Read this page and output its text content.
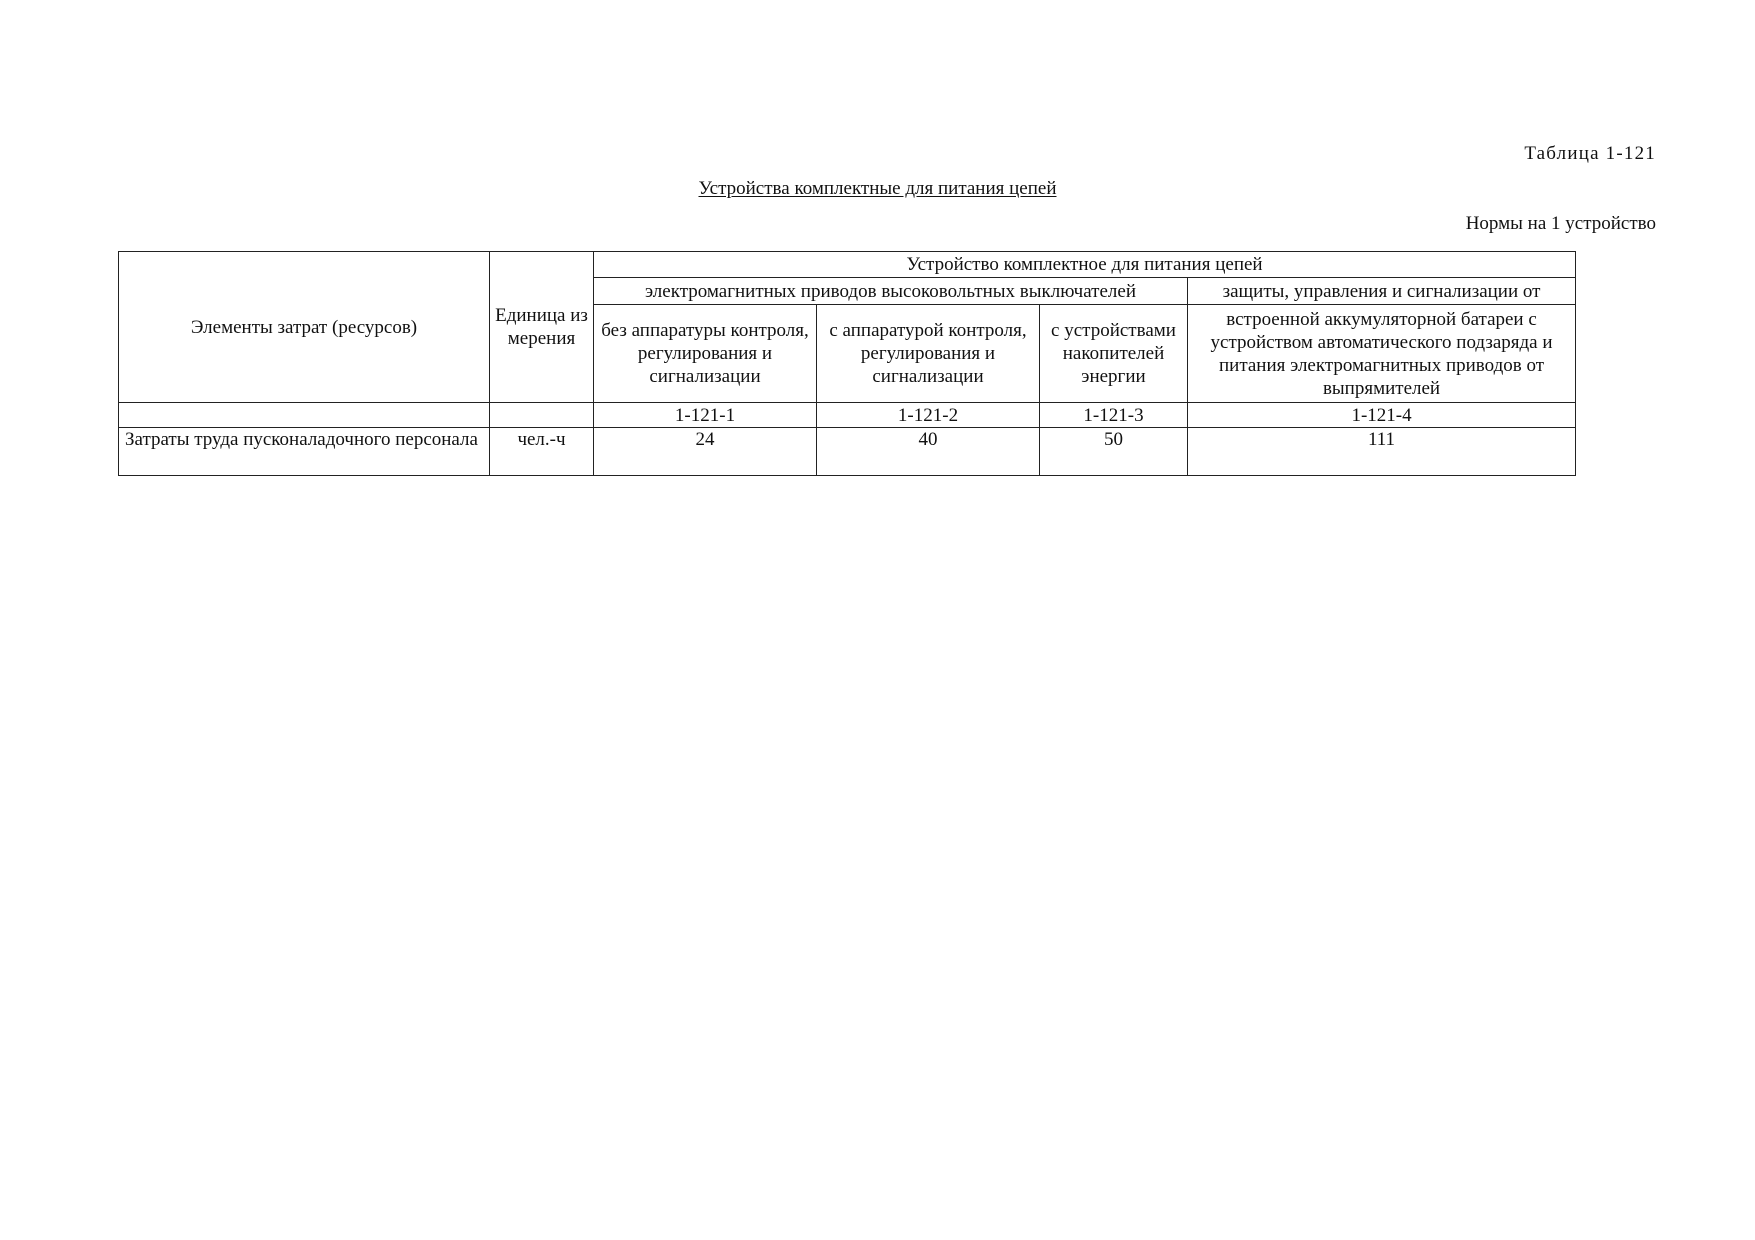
Таблица 1-121
Устройства комплектные для питания цепей
Нормы на 1 устройство
Элементы затрат (ресурсов)	Единица измерения	Устройство комплектное для питания цепей			
		электромагнитных приводов высоковольтных выключателей			защиты, управления и сигнализации от
		без аппаратуры контроля, регулирования и сигнализации	с аппаратурой контроля, регулирования и сигнализации	с устройствами накопителей энергии	встроенной аккумуляторной батареи с устройством автоматического подзаряда и питания электромагнитных приводов от выпрямителей
		1-121-1	1-121-2	1-121-3	1-121-4
Затраты труда пусконаладочного персонала	чел.-ч	24	40	50	111
